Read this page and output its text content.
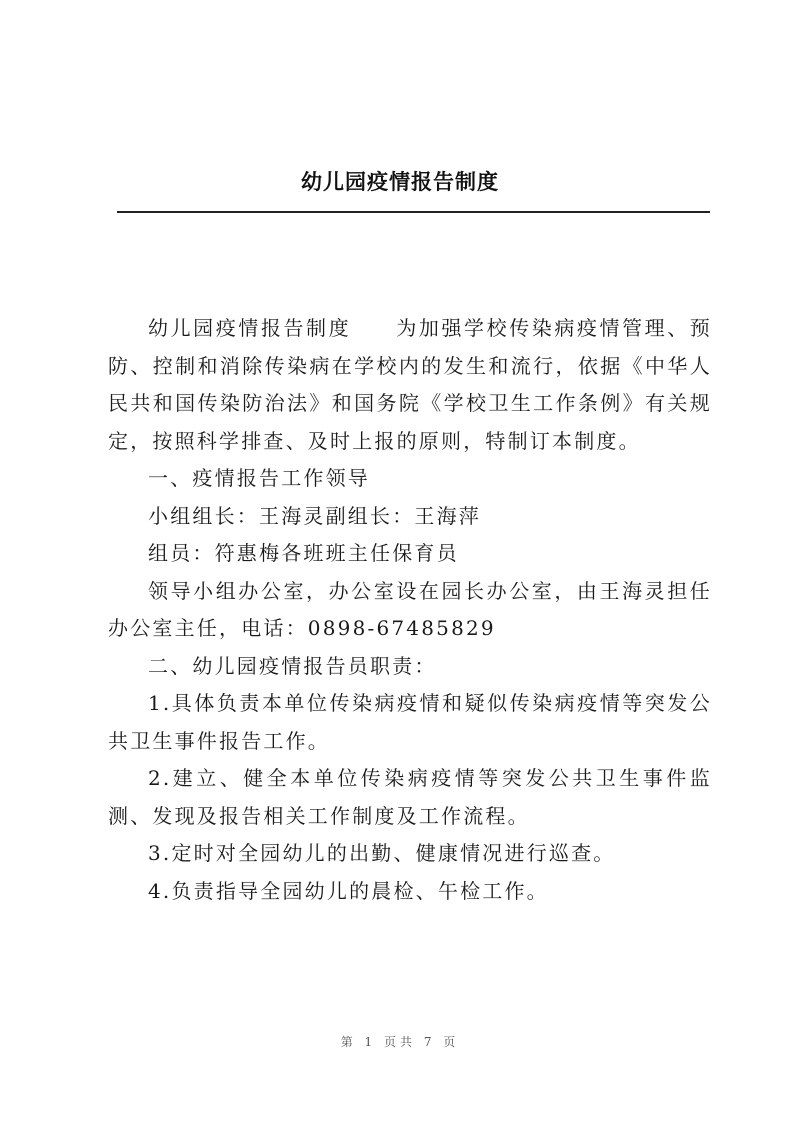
幼儿园疫情报告制度

幼儿园疫情报告制度　　为加强学校传染病疫情管理、预防、控制和消除传染病在学校内的发生和流行，依据《中华人民共和国传染防治法》和国务院《学校卫生工作条例》有关规定，按照科学排查、及时上报的原则，特制订本制度。

一、疫情报告工作领导

小组组长：王海灵副组长：王海萍

组员：符惠梅各班班主任保育员

领导小组办公室，办公室设在园长办公室，由王海灵担任办公室主任，电话：0898-67485829

二、幼儿园疫情报告员职责：

1.具体负责本单位传染病疫情和疑似传染病疫情等突发公共卫生事件报告工作。

2.建立、健全本单位传染病疫情等突发公共卫生事件监测、发现及报告相关工作制度及工作流程。

3.定时对全园幼儿的出勤、健康情况进行巡查。

4.负责指导全园幼儿的晨检、午检工作。

第 1 页共 7 页
